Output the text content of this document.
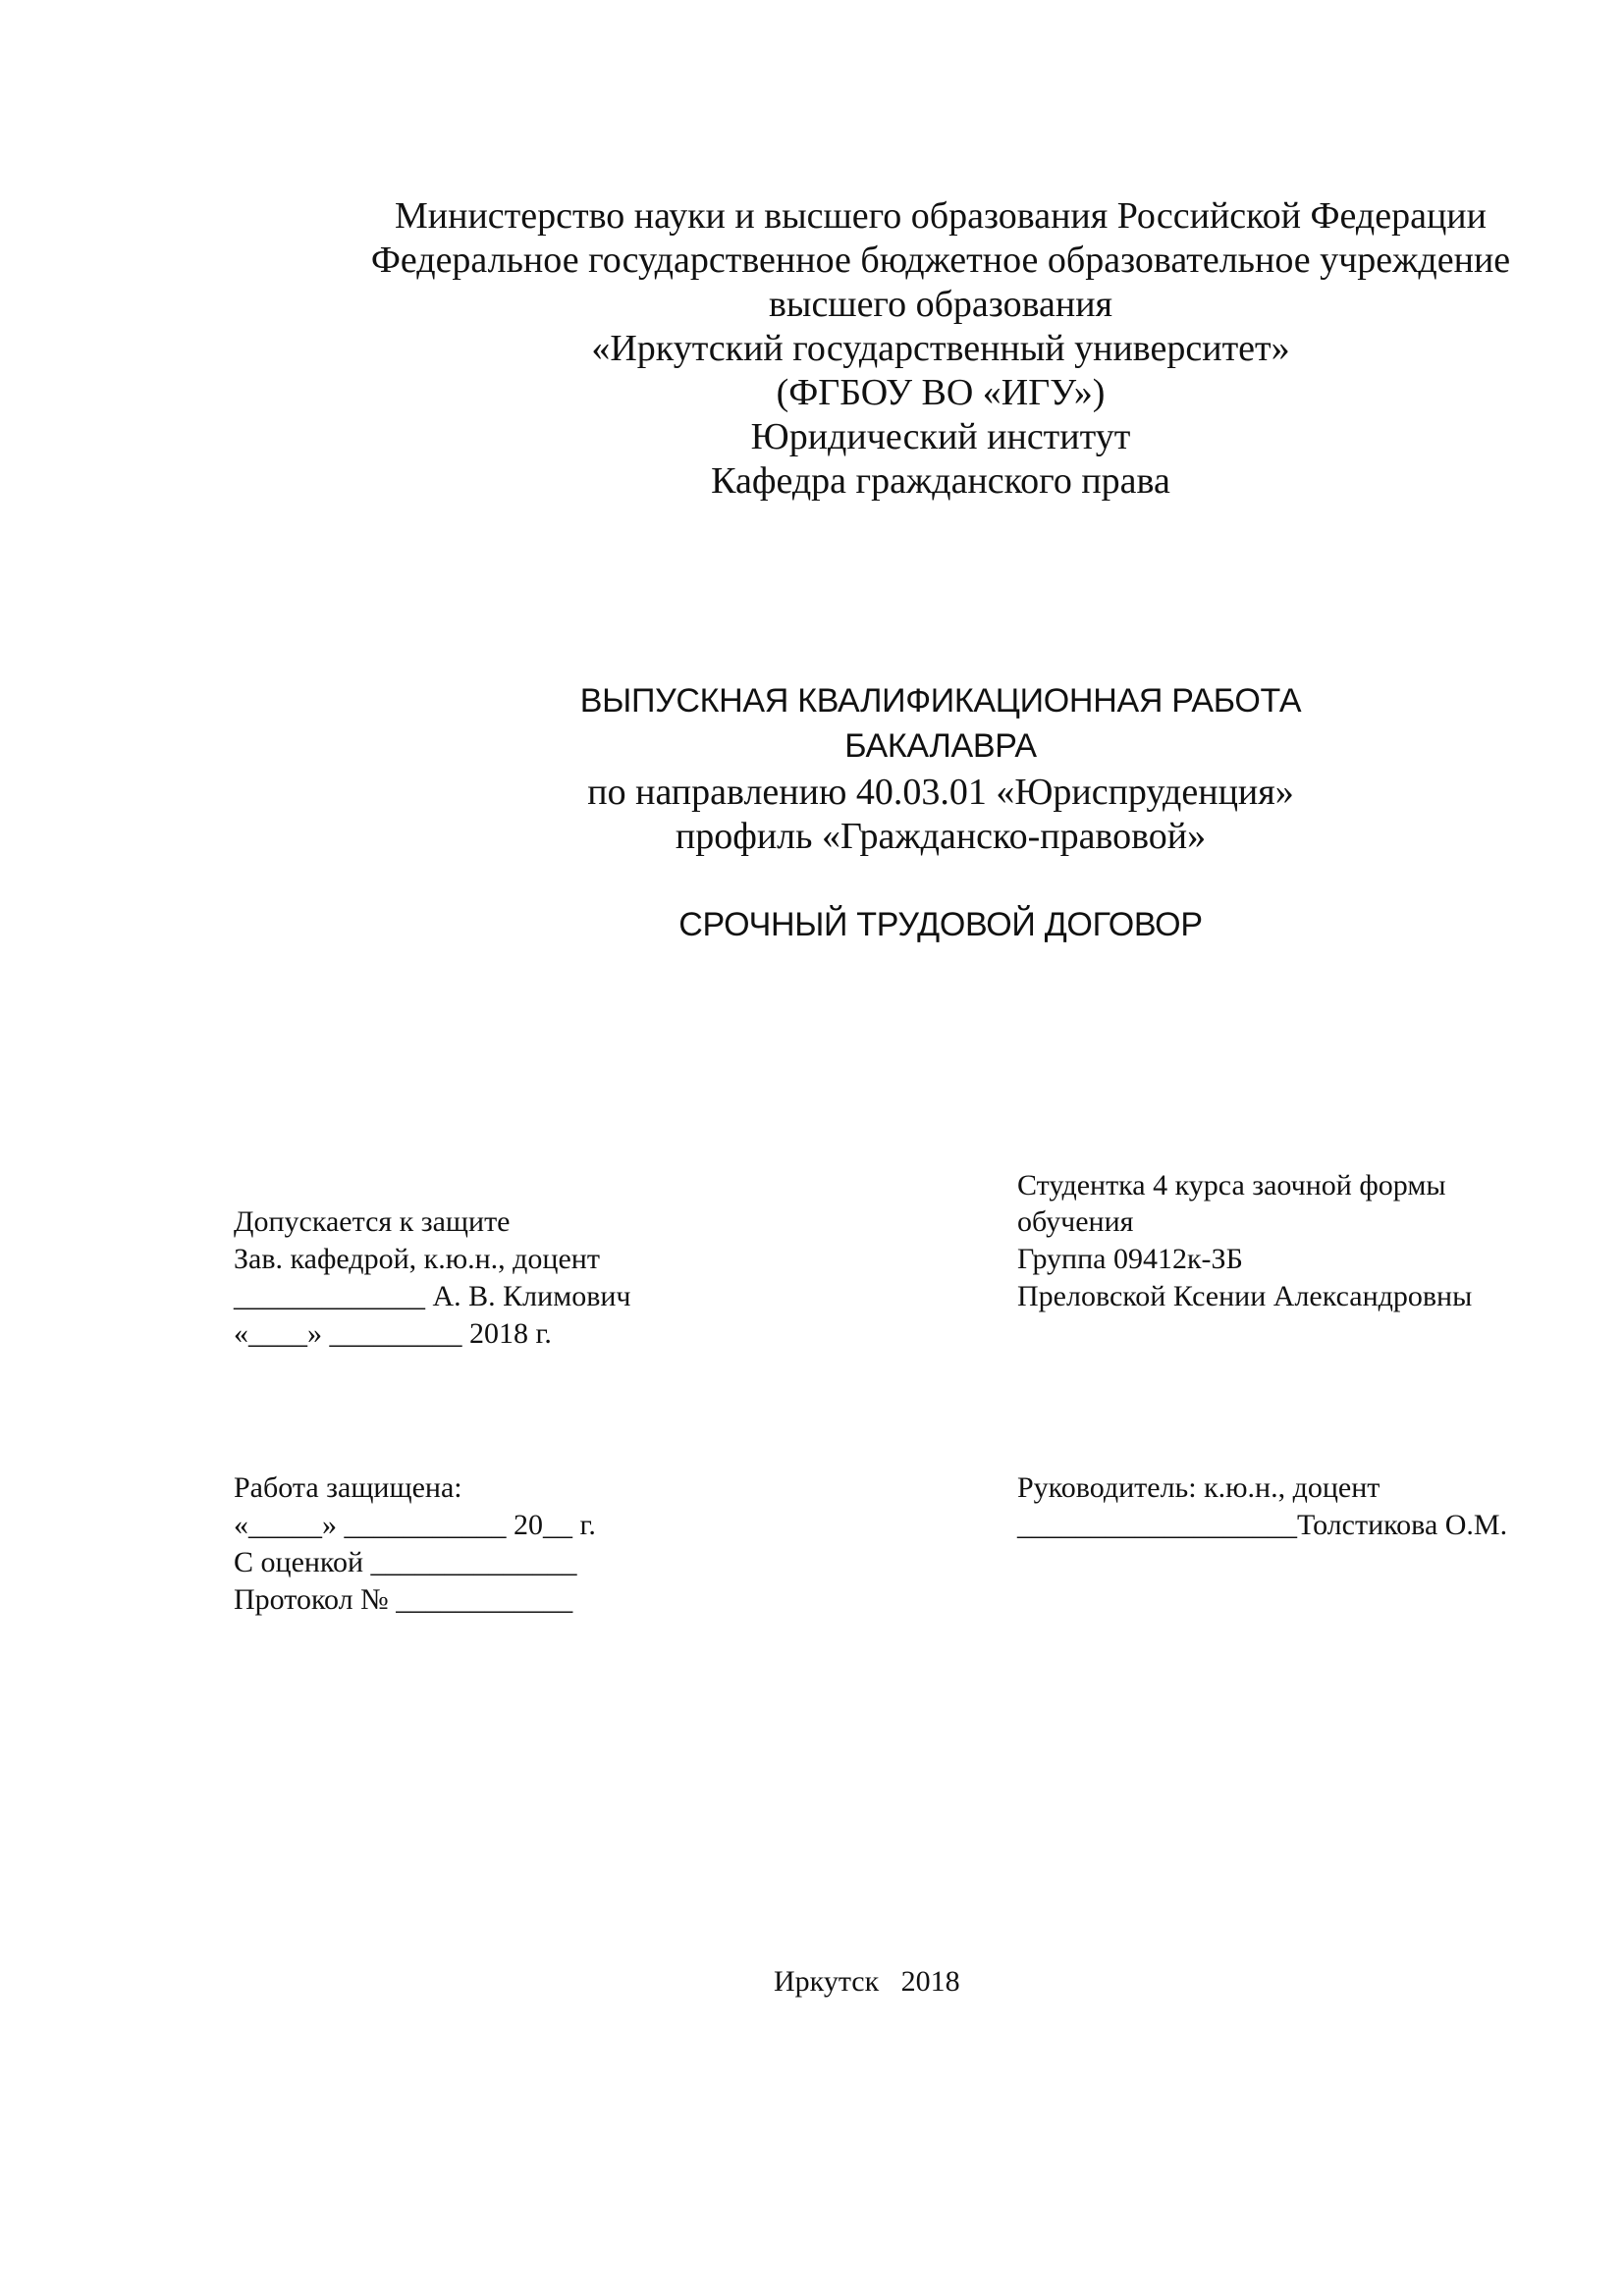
Министерство науки и высшего образования Российской Федерации
Федеральное государственное бюджетное образовательное учреждение
высшего образования
«Иркутский государственный университет»
(ФГБОУ ВО «ИГУ»)
Юридический институт
Кафедра гражданского права
ВЫПУСКНАЯ КВАЛИФИКАЦИОННАЯ РАБОТА
БАКАЛАВРА
по направлению 40.03.01 «Юриспруденция»
профиль «Гражданско-правовой»
СРОЧНЫЙ ТРУДОВОЙ ДОГОВОР
Студентка 4 курса заочной формы
обучения
Группа 09412к-ЗБ
Преловской Ксении Александровны
Допускается к защите
Зав. кафедрой, к.ю.н., доцент
_____________ А. В. Климович
«____» _________ 2018 г.
Работа защищена:
«_____» ___________ 20__ г.
С оценкой ______________
Протокол № ____________
Руководитель: к.ю.н., доцент
___________________Толстикова О.М.
Иркутск   2018
